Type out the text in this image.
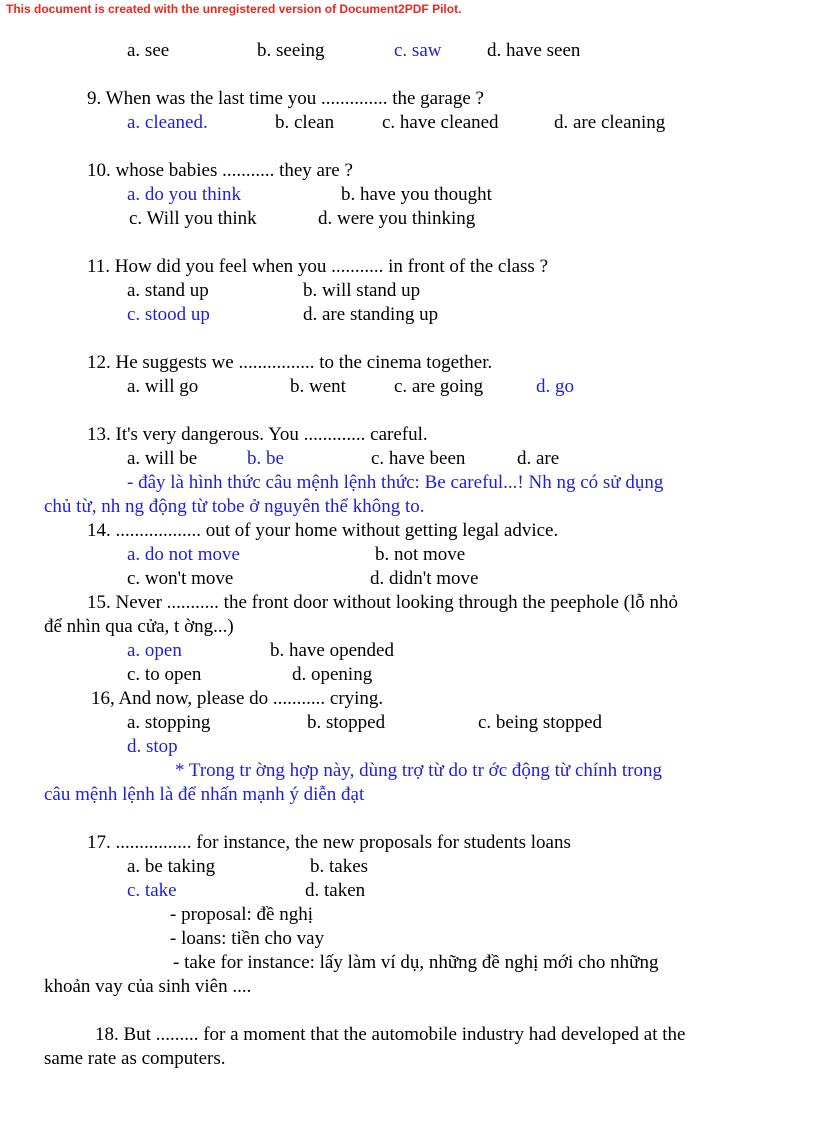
This document is created with the unregistered version of Document2PDF Pilot.
a. see	b. seeing	c. saw d. have seen
9. When was the last time you .............. the garage ?
a. cleaned.	b. clean	c. have cleaned	d. are cleaning
10. whose babies ........... they are ?
a. do you think	b. have you thought
c. Will you think	d. were you thinking
11. How did you feel when you ........... in front of the class ?
a. stand up	b. will stand up
c. stood up	d. are standing up
12. He suggests we ................ to the cinema together.
a. will go	b. went	c. are going	d. go
13. It's very dangerous. You ............. careful.
a. will be	b. be	c. have been	d. are
- đây là hình thức câu mệnh lệnh thức: Be careful...! Nh ng có sử dụng
chủ từ, nh ng động từ tobe ở nguyên thể không to.
14. .................. out of your home without getting legal advice.
a. do not move	b. not move
c. won't move	d. didn't move
15. Never ........... the front door without looking through the peephole (lỗ nhỏ
để nhìn qua cửa, t ờng...)
a. open	b. have opended
c. to open	d. opening
16, And now, please do ........... crying.
a. stopping	b. stopped	c. being stopped
d. stop
* Trong tr ờng hợp này, dùng trợ từ do tr ớc động từ chính trong
câu mệnh lệnh là để nhấn mạnh ý diễn đạt
17. ................ for instance, the new proposals for students loans
a. be taking	b. takes
c. take	d. taken
- proposal: đề nghị
- loans: tiền cho vay
- take for instance: lấy làm ví dụ, những đề nghị mới cho những
khoản vay của sinh viên ....
18. But ......... for a moment that the automobile industry had developed at the
same rate as computers.
